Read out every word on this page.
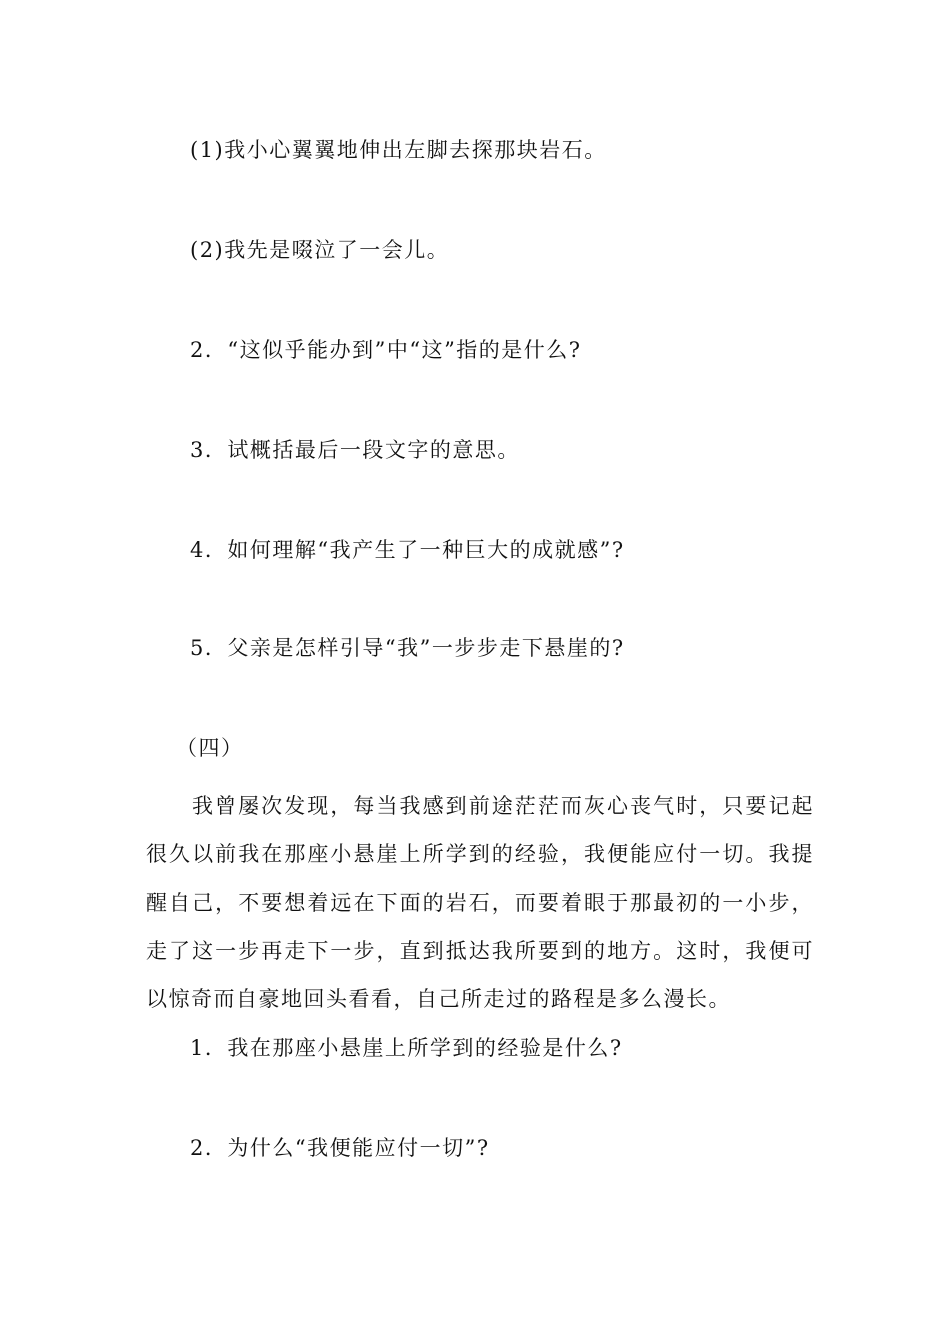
(1)我小心翼翼地伸出左脚去探那块岩石。
(2)我先是啜泣了一会儿。
2．“这似乎能办到”中“这”指的是什么?
3．试概括最后一段文字的意思。
4．如何理解“我产生了一种巨大的成就感”?
5．父亲是怎样引导“我”一步步走下悬崖的?
（四）
我曾屡次发现，每当我感到前途茫茫而灰心丧气时，只要记起很久以前我在那座小悬崖上所学到的经验，我便能应付一切。我提醒自己，不要想着远在下面的岩石，而要着眼于那最初的一小步，走了这一步再走下一步，直到抵达我所要到的地方。这时，我便可以惊奇而自豪地回头看看，自己所走过的路程是多么漫长。
1．我在那座小悬崖上所学到的经验是什么?
2．为什么“我便能应付一切”?
